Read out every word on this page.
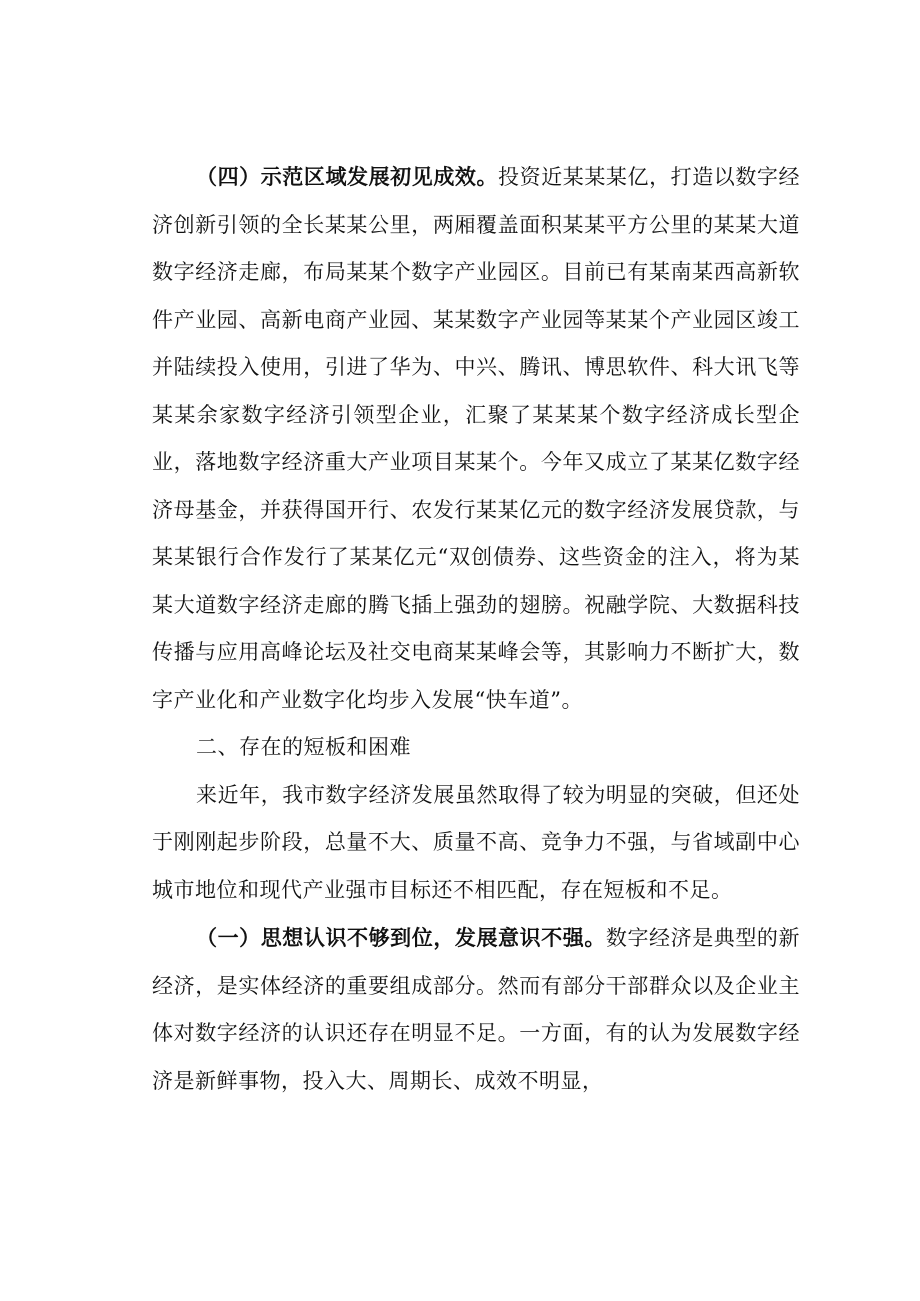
（四）示范区域发展初见成效。投资近某某某亿，打造以数字经济创新引领的全长某某公里，两厢覆盖面积某某平方公里的某某大道数字经济走廊，布局某某个数字产业园区。目前已有某南某西高新软件产业园、高新电商产业园、某某数字产业园等某某个产业园区竣工并陆续投入使用，引进了华为、中兴、腾讯、博思软件、科大讯飞等某某余家数字经济引领型企业，汇聚了某某某个数字经济成长型企业，落地数字经济重大产业项目某某个。今年又成立了某某亿数字经济母基金，并获得国开行、农发行某某亿元的数字经济发展贷款，与某某银行合作发行了某某亿元“双创债券、这些资金的注入，将为某某大道数字经济走廊的腾飞插上强劲的翅膀。祝融学院、大数据科技传播与应用高峰论坛及社交电商某某峰会等，其影响力不断扩大，数字产业化和产业数字化均步入发展“快车道”。

二、存在的短板和困难

来近年，我市数字经济发展虽然取得了较为明显的突破，但还处于刚刚起步阶段，总量不大、质量不高、竞争力不强，与省域副中心城市地位和现代产业强市目标还不相匹配，存在短板和不足。

（一）思想认识不够到位，发展意识不强。数字经济是典型的新经济，是实体经济的重要组成部分。然而有部分干部群众以及企业主体对数字经济的认识还存在明显不足。一方面，有的认为发展数字经济是新鲜事物，投入大、周期长、成效不明显，
